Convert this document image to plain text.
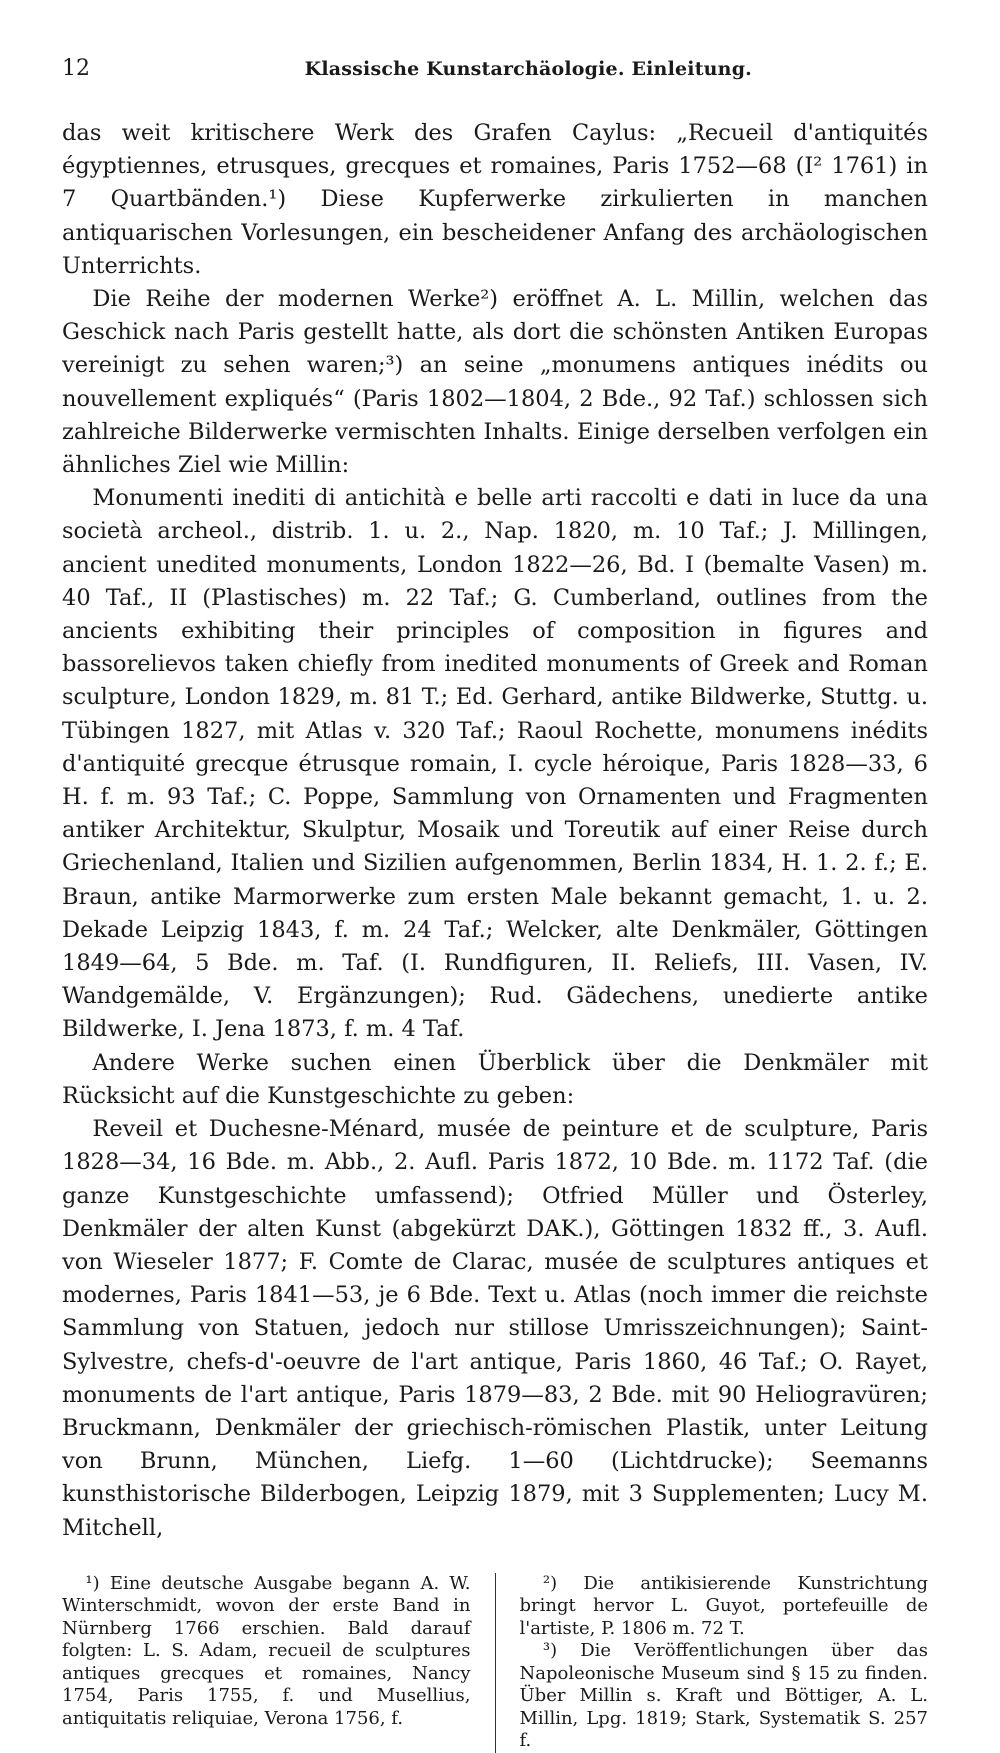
12	Klassische Kunstarchäologie. Einleitung.

das weit kritischere Werk des Grafen Caylus: „Recueil d'antiquités égyptiennes, etrusques, grecques et romaines, Paris 1752—68 (I² 1761) in 7 Quartbänden.¹) Diese Kupferwerke zirkulierten in manchen antiquarischen Vorlesungen, ein bescheidener Anfang des archäologischen Unterrichts.

Die Reihe der modernen Werke²) eröffnet A. L. Millin, welchen das Geschick nach Paris gestellt hatte, als dort die schönsten Antiken Europas vereinigt zu sehen waren;³) an seine „monumens antiques inédits ou nouvellement expliqués“ (Paris 1802—1804, 2 Bde., 92 Taf.) schlossen sich zahlreiche Bilderwerke vermischten Inhalts. Einige derselben verfolgen ein ähnliches Ziel wie Millin:

Monumenti inediti di antichità e belle arti raccolti e dati in luce da una società archeol., distrib. 1. u. 2., Nap. 1820, m. 10 Taf.; J. Millingen, ancient unedited monuments, London 1822—26, Bd. I (bemalte Vasen) m. 40 Taf., II (Plastisches) m. 22 Taf.; G. Cumberland, outlines from the ancients exhibiting their principles of composition in figures and bassorelievos taken chiefly from inedited monuments of Greek and Roman sculpture, London 1829, m. 81 T.; Ed. Gerhard, antike Bildwerke, Stuttg. u. Tübingen 1827, mit Atlas v. 320 Taf.; Raoul Rochette, monumens inédits d'antiquité grecque étrusque romain, I. cycle héroique, Paris 1828—33, 6 H. f. m. 93 Taf.; C. Poppe, Sammlung von Ornamenten und Fragmenten antiker Architektur, Skulptur, Mosaik und Toreutik auf einer Reise durch Griechenland, Italien und Sizilien aufgenommen, Berlin 1834, H. 1. 2. f.; E. Braun, antike Marmorwerke zum ersten Male bekannt gemacht, 1. u. 2. Dekade Leipzig 1843, f. m. 24 Taf.; Welcker, alte Denkmäler, Göttingen 1849—64, 5 Bde. m. Taf. (I. Rundfiguren, II. Reliefs, III. Vasen, IV. Wandgemälde, V. Ergänzungen); Rud. Gädechens, unedierte antike Bildwerke, I. Jena 1873, f. m. 4 Taf.

Andere Werke suchen einen Überblick über die Denkmäler mit Rücksicht auf die Kunstgeschichte zu geben:

Reveil et Duchesne-Ménard, musée de peinture et de sculpture, Paris 1828—34, 16 Bde. m. Abb., 2. Aufl. Paris 1872, 10 Bde. m. 1172 Taf. (die ganze Kunstgeschichte umfassend); Otfried Müller und Österley, Denkmäler der alten Kunst (abgekürzt DAK.), Göttingen 1832 ff., 3. Aufl. von Wieseler 1877; F. Comte de Clarac, musée de sculptures antiques et modernes, Paris 1841—53, je 6 Bde. Text u. Atlas (noch immer die reichste Sammlung von Statuen, jedoch nur stillose Umrisszeichnungen); Saint-Sylvestre, chefs-d'-oeuvre de l'art antique, Paris 1860, 46 Taf.; O. Rayet, monuments de l'art antique, Paris 1879—83, 2 Bde. mit 90 Heliogravüren; Bruckmann, Denkmäler der griechisch-römischen Plastik, unter Leitung von Brunn, München, Liefg. 1—60 (Lichtdrucke); Seemanns kunsthistorische Bilderbogen, Leipzig 1879, mit 3 Supplementen; Lucy M. Mitchell,

¹) Eine deutsche Ausgabe begann A. W. Winterschmidt, wovon der erste Band in Nürnberg 1766 erschien. Bald darauf folgten: L. S. Adam, recueil de sculptures antiques grecques et romaines, Nancy 1754, Paris 1755, f. und Musellius, antiquitatis reliquiae, Verona 1756, f.

²) Die antikisierende Kunstrichtung bringt hervor L. Guyot, portefeuille de l'artiste, P. 1806 m. 72 T.

³) Die Veröffentlichungen über das Napoleonische Museum sind § 15 zu finden. Über Millin s. Kraft und Böttiger, A. L. Millin, Lpg. 1819; Stark, Systematik S. 257 f.
